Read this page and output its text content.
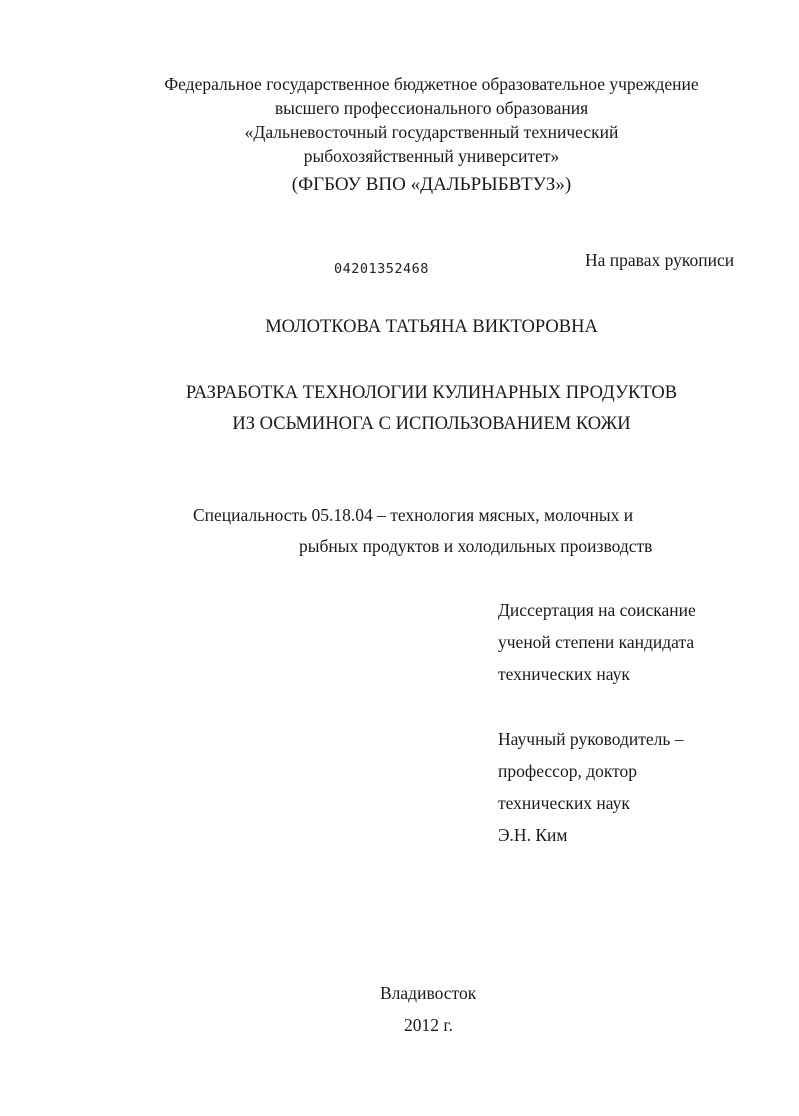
Федеральное государственное бюджетное образовательное учреждение
высшего профессионального образования
«Дальневосточный государственный технический
рыбохозяйственный университет»
(ФГБОУ ВПО «ДАЛЬРЫБВТУЗ»)
04201352468	На правах рукописи
МОЛОТКОВА ТАТЬЯНА ВИКТОРОВНА
РАЗРАБОТКА ТЕХНОЛОГИИ КУЛИНАРНЫХ ПРОДУКТОВ
ИЗ ОСЬМИНОГА С ИСПОЛЬЗОВАНИЕМ КОЖИ
Специальность 05.18.04 – технология мясных, молочных и
рыбных продуктов и холодильных производств
Диссертация на соискание
ученой степени кандидата
технических наук
Научный руководитель –
профессор, доктор
технических наук
Э.Н. Ким
Владивосток
2012 г.
